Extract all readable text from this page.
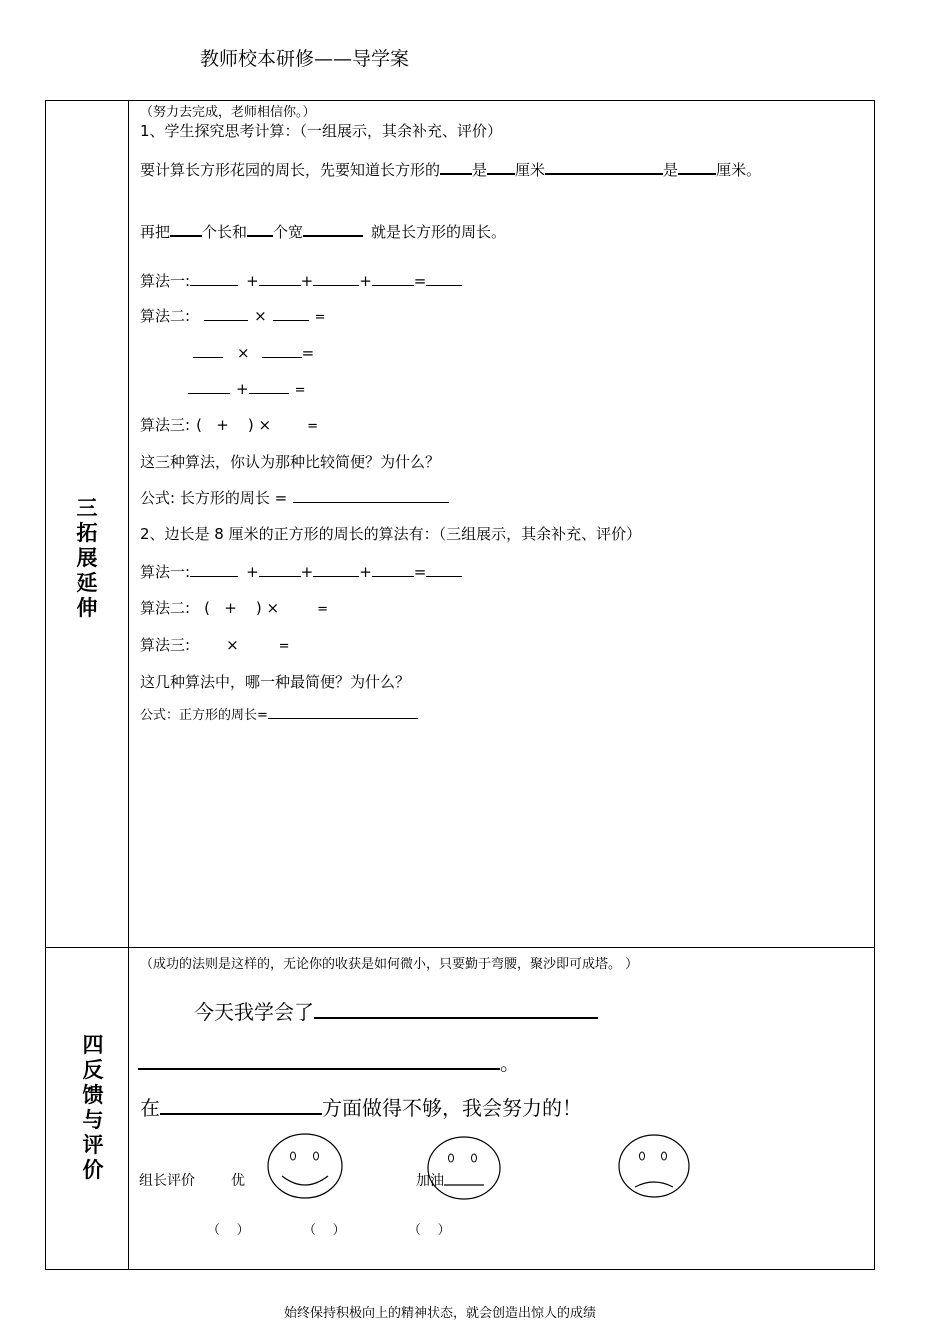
教师校本研修——导学案
三
拓
展
延
伸
（努力去完成，老师相信你。）
1、学生探究思考计算：（一组展示，其余补充、评价）
要计算长方形花园的周长，先要知道长方形的 是 厘米	是	厘米。
再把 个长和 个宽	就是长方形的周长。
算法一:	+	+	+	=
算法二:	×	=
×	=
+	=
算法三: (   +    ) ×	=
这三种算法，你认为那种比较简便？为什么？
公式: 长方形的周长 =
2、边长是 8 厘米的正方形的周长的算法有：（三组展示，其余补充、评价）
算法一:	+	+	+	=
算法二: (   +    ) ×	=
算法三: ×	=
这几种算法中，哪一种最简便？为什么？
公式：正方形的周长=
四
反
馈
与
评
价
（成功的法则是这样的，无论你的收获是如何微小，只要勤于弯腰，聚沙即可成塔。 ）
今天我学会了
。
在	方面做得不够，我会努力的！
组长评价	优	加油
（    ）	（    ）	（    ）
始终保持积极向上的精神状态，就会创造出惊人的成绩
